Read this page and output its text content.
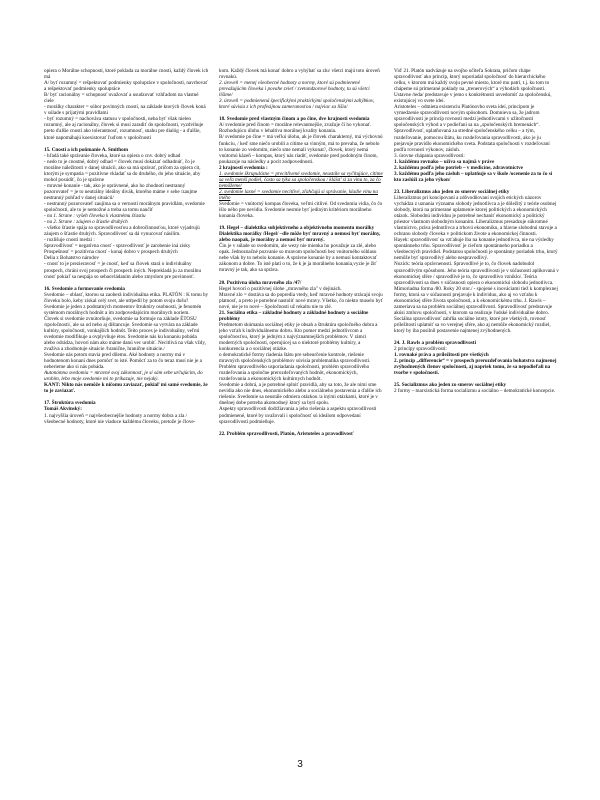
opiera o Morálne schopnosti, ktoré poklada za morálne cnosti, každý človek ich má

A/ byť rozumný = rešpektovať podmienky spolupráce v spoločnosti, navrhovať a rešpektovať podmienky spolupráce

B/ byť racionálny = schopnosť uvažovať a usudzovať vzhľadom na vlastné ciele

- morálky charakter = súbor povinných cností, na základe ktorých človek koná v súlade s prijatými pravidlami

- byť rozumný = nachováva statusu v spoločnosti, neba byť však nielen rozumný, ale aj racionálny, človek si musí zaradiť do spoločnosti, vyzdvihuje preto ďalšie cnosti ako tolerantnosť, rozumnosť, snahu pre dialóg - a ďalšie, ktoré napomáhajú koexistovať ľuďom v spoločnosti

15. Cnosti a ich poňmanie A. Smithom

- hľadá také správanie človeka, ktoré sa opiera o cnv. dobrý odhad

- nedo to je cnostné, dobrý odhad = človek musí dokázať odhadnúť, čo je morálne náležitosti v danej situácii, ako sa má správať, príčom za opiera cit, ktorým je sympatia = pozitívne vkladať sa do druhého, do jeho situácie, aby mohol posúdiť, čo je správne

- mravné konanie - tak, ako je oprávnené, ako ho zhodnotí nestranný pozorovateľ = je to neutrálny ideálny divák, ktorého máme v sebe /zaujme nestranný pohľad v danej situácii/

- nestranný pozorovateľ zaujíma sa o vernosti morálnym pravidlám, svedomie spoločnosti, ale to je nemožné a treba sa tomu naučiť

- na 1. Strane : vyšeh človeka k vlastnému šťastiu

- na 2. Strane : záujem o šťastie druhých

- všetko šťastie spája so spravodlivosťou a dobročinnosťou, ktoré vyjadrujú záujem o šťastie druhých. Spravodlivosť sa dá vynucovať násilím.

- rozlišuje cnosti medzi :

Spravodlivosť = negatívna cnosť - spravodlivosť je zarobenie iná zisky

Prospešnosť = pozitívna cnosť - konaj dobro v prospech druhých

Delia z Bohatstvo národov

- cnosť to je prezieravosť = je cnosť, keď sa človek stará o individuálny prospech, chráni svoj prospech či prospech iných. Neprekladá ju za morálnu cnosť pokiaľ sa nespája so sebaovládaním alebo zmyslom pre povinnosť.

16. Svedomie a formovanie svedomia

Svedomie – oblasť, ktorou sa zaoberá individuálna etika. PLATÓN : K tomu by človeku bolo, keby získal celý svet, ale utŕpedil by potom svoju dušu?

Svedomie je jeden z podstatných momentov štruktúry osobnosti, je fenomén systémom morálnych hodnôt a im zodpovedajúcim morálnych noriem.

Človek si svedomie zvnútorňuje, svedomie sa formuje na základe ÉTOSU /spoločnosti/, ale sa od neho aj dištancuje. Svedomie sa vytvára na základe kultúry, spoločnosti, vonkajších hodnôt. Teito proces je individuálny, veľmi svedomie modifikuje a ovplyvňuje étos. Svedomie nás ku konaniu pobáda alebo odrádza, hovorí nám ako máme danú vec urobiť. Necitlivá na však vždy, zvažíva a zhodnotuje situácie /hranične, hranične situácie./

Svedomie nás potom stavia pred dilemu. Aké hodnoty a normy má v hodnotenom konaní dnes pomôcť to isté. Pomôcť za to čo teraz musí nie je a neberieme ako si nás pobáda.

Autonómna svedomia = mravné svoj zákonnosť, je si sám sebe určujúcim, do urobím, lebo moje svedomie mi to prikazuje, nie nejaký.

KANT: Nikto nás nemôže k ničomu zaviazať, pokiaľ mi samé svedomie, že to je zaviazať.

17. Štruktúra svedomia

Tomáš Akvinský:

1. najvyššia úroveň = najvšeobecnejšie hodnoty a normy dobra a zla / všeobecné hodnoty, ktoré nie viaduce každému človeku, pretože je člove-

kom. Každý človek má konať dobro a vyhýbať sa zlu/ všetci majú toto úroveň rovnakú.

2. úroveň = menej všeobecné hodnoty a normy, ktoré sú podmienené prevažujúcim človeka i povahe zvieť / zvetondzorové hodnoty, tu sú všetci líšime/

3. úroveň = podmienená špecifickými praktickými spoločenskými zahýbkov, ktoré súvisia z ich profesijnou zameranosťou / najviac sa líšia/

18. Svedomie pred vlastným činom a po čine, dve krajnosti svedomia

A/ svedomie pred činom = morálne relevantnejšie, zvažuje či ho vykonať. Rozhodujúcu úlohu v lehaltiva morálnej kvality konania.

B/ svedomie po čine = má veľkú úlohu, ak je človek charakterný, má výchovnú funkciu, / keď sme niečo urobili a cítime sa vinným, má to prevaha, že nebolo to konanie zo vedomím, niečo sme nemali vykonať/, človek, ktorý nemá vnútornú kázeň – kompas, ktorý nás riadiť, svedomie pred podobným činom, poukazuje na následky a pocit zodpovednosti.

2 krajnosti svedomia :

1. svedomie škrupulózne = precitlivené svedomie, neustále sa vyčítujúce, cítime sa veľa menší podiel, často sa týka sa spoločenskou / kláist' si za vinu to, za čo nemôžeme/

2. svedomie laxné = svedomie necitlivé, zľahčujú si správanie, kladie vinu na iného

Svedomie = vnútorný kompas človeka, veľmi citlivé. Od svedomia vidia, čo čo išlo ného pre nevidia. Svedomie nesmie byť jediným kritériom morálneho konania človeka.

19. Hegel – dialektika subjektívneho a objektívneho momentu morálky

Dialektika morálky /Hegel/ –dle môže byť mravný a nemusí byť morálny, alebo naopak, je morálny a nemusí byť mravný.

Čin je v súlade so svedomím, ale wezy nie mienka ho považuje za zlé, alebo opak. Jednoznačné pozvanie so mravom spoločnosti bez vnútorného súhlasu nebe však by to nebolo konanie. A správne konanie by a nemusí kontaktovať zákonom a dobre. To isté platí o to, že k je ja morálneho konania,vyzie je žiť mravný je tak, ako sa správa.

20. Pozitívna úloha mravného zla /47/

Hegel hovorí o pozitívnej úlohe „mravného zla" v dejinách.

Mravné zlo = dostáva sa do popredia vtedy, keď mravné hodnoty strácajú svoju platnosť, a preto je potrebné nastoliť nové mravy. Všetko, čo niekto muselo byť nové, nie je to nové – Spoločnosti už rekaltu nie to zlé.

21. Sociálna etika – základné hodnoty a základné hodnoty a sociálne problémy

Predmetom skúmania sociálnej etiky je obsah a štruktúra spoločného dobra a jeho vzťah k individuálnemu dobru. Kto pomer medzi jednotlivcom a spoločnosťou, ktorý je jedným z najvýznamnejších problémov. V rámci moderných spoločností, operujúcej sa o niektoré problémy kultúry, a konkurencia a o sociálnej otázke.

o demokratické formy riadenia štátu pre sebeurčenie kontrole, riešenie mravných spoločenských problémov súvisia problematika spravodlivosti.

Problém spravodlivého usporiadania spoločnosti, problém spravodlivého rozdeľovania a spoločne prerozdeľovaných hodnôt, ekonomických, rozdeľovania a ekonomických kultúrnych hodnôt.

Svedomie a dobrá, a je potrebné splniť pravidlá, aby sa toto, že ale nimi sme nevidia ako nie dnes, ekonomického alebo a sociálneho postavenia a ďalšie ich riešenie. Svedomie sa neustále odmiera otázkou /a inými otázkami, ktoré je v dnešnej dobe potreba akomodnej/ ktorý sa bytí spolu.

Aspekty spravodlivosti dodržiavania a jeho riešenia a aspektu spravodlivosti podmienené, ktoré by uvažovali i spoločnosť sú ideálom odpovedaní spravodlivosti podmieňuje.

22. Problém spravodlivosti, Platón, Aristoteles a pravodlivosť

Viď 21. Platón nadväzuje na svojho učiteľa Sokrata, pričom chápe spravodlivosť ako princíp, ktorý usporiadal spoločnosť do hierarchického celku, v ktorom má každý svoju pevné miesto, ktoré mu patrí, t.j. ku tom to chápeme sú prímerané poklady na „trenerových“ a výhodách spoločnosti. Ustavne /teda/ predstavuje v jemo s konkrétnosti usvedomiť za spoločenskú, existujúcej vo svete ideí.

Aristoteles – odmieta existenciu Platónovho sveta ideí, princípom je vymedzenie spravodlivosti novým spôsobom. Domnieva sa, že jadrom spravodlivosti je princíp rovnosti medzi jednotlivcami v užitočnosti spoločenských výhod a v podieľaní sa na „spoločenských bremenách“. Spravodlivosť, uplatňovaná za stredné spoločenského celku – a tým, rozdeľovanie, pomocou štátu, ku rozdeľovania spravodlivosti, ako je ju prejavuje pravidlo ekonomického sveta. Podstata spoločnosti v rozdeľovaní podľa rovnosti výkonov, zásluh.

3. úrovne chápania spravodlivosti:

1. každému rovnako – užíva sa najmä v práve

2. každému podľa jeho potrieb – v medicíne, zdravotníctve

3. každému podľa jeho zásluh – uplatňuje sa v škole /ocenenie za to čo si kto zaslúži za jeho výkon/

23. Liberalizmus ako jeden zo smerov sociálnej etiky

Liberalizmus pri koncipovaní a zdôvodňovaní svojich etických názorov vychádza z uznania významu slobody jednotlivca a je dôležitý z teórie osobnej slobody, ktorá na primerané uplatnenie ktorej politických a ekonomických otázok. Slobodnú individuu je potrebné nechaniť ekonomický a politický priestor vlastnom slobodným konaním. Liberalizmus presadzuje súkromné vlastníctvo, práva jednotlivca a trhovú ekonomiku, a hlavne slobodnú stavuje a ochranu slobody človeka v politickom živote a ekonomickej činnosti.

Hayek: spravodlivosť sa vzťahuje iba na konanie jednotlivca, nie na výsledky spontánneho trhu. Spravodlivosť je cieľom spontánneho poriadku a všeobecných pravidiel. Podstatou spoločnosti je spontánny poriadok trhu, ktorý nemôže byť spravodlivý alebo nespravodlivý.

Nozick: teória oprávnenosti. Spravodlivé je to, čo človek nadobudol spravodlivým spôsobom. Jeho teória spravodlivosti je v súčasnosti aplikovaná v ekonomickej sfére / spravodlivé je to, čo spravodlivo vzniklo/. Teória spravodlivosti sa dnes v súčasnosti opiera o ekonomickú slobodu jednotlivca.

Mimoriadna forma /80. Roky 20 stor./ - spojené s inováciami tiež k komplexnej formy, ktorá sa v súčasnosti prejavuje k individuu, ako aj vo vzťahu k ekonomickej sfére života spoločnosti, a k ekonomickému trhu. J. Rawls – zameriava sa na problém sociálnej spravodlivosti. Spravodlivosť predstavuje akúsi zmluvu spoločnosti, v ktorom sa realizuje ľudské individuálne dobro. Sociálna spravodlivosť zahŕňa sociálne istoty, ktoré pre všetkých, rovnosť príležitostí uplatniť sa vo verejnej sfére, ako aj nemôže ekonomický rozdiel, ktorý by iba posilnil postavenie najmenej zvýhodnených.

24. J. Rawls a problém spravodlivosti

2 princípy spravodlivosti:

1. rovnaké práva a príležitosti pre všetkých

2. princíp „differencie“ = v prospech prerozdeľovania bohatstva najmenej zvýhodnených členov spoločnosti, aj napriek tomu, že sa nepodieľali na tvorbe v spoločnosti.

25. Socializmus ako jeden zo smerov sociálnej etiky

2 formy – marxistická forma socializmu a sociálno – demokratické koncepcie.

3
